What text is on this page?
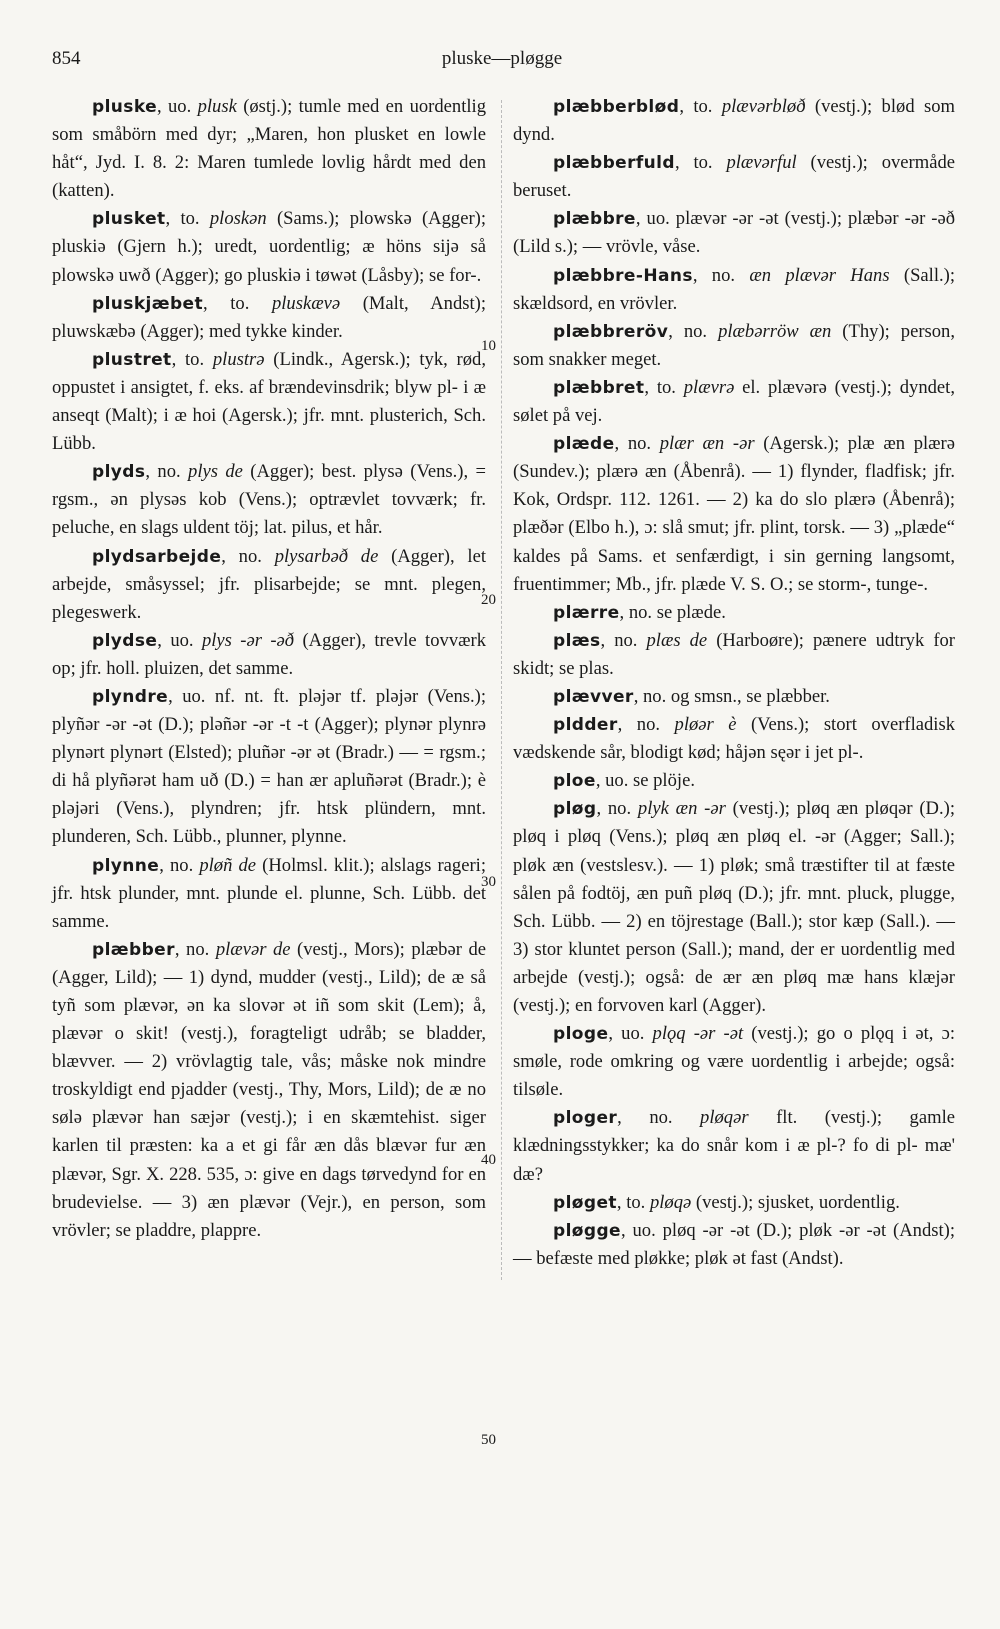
854	pluske—pløgge

pluske, uo. plusk (østj.); tumle med en uordentlig som småbörn med dyr; „Maren, hon plusket en lowle håt“, Jyd. I. 8. 2: Maren tumlede lovlig hårdt med den (katten).

plusket, to. ploskən (Sams.); plowskə (Agger); pluskiə (Gjern h.); uredt, uordentlig; æ höns sijə så plowskə uwð (Agger); go pluskiə i tøwət (Låsby); se for-.

pluskjæbet, to. pluskævə (Malt, Andst); pluwskæbə (Agger); med tykke kinder.

plustret, to. plustrə (Lindk., Agersk.); tyk, rød, oppustet i ansigtet, f. eks. af brændevinsdrik; blyw pl- i æ anseqt (Malt); i æ hoi (Agersk.); jfr. mnt. plusterich, Sch. Lübb.

plyds, no. plys de (Agger); best. plysə (Vens.), = rgsm., ən plysəs kob (Vens.); optrævlet tovværk; fr. peluche, en slags uldent töj; lat. pilus, et hår.

plydsarbejde, no. plysarbəð de (Agger), let arbejde, småsyssel; jfr. plisarbejde; se mnt. plegen, plegeswerk.

plydse, uo. plys -ər -əð (Agger), trevle tovværk op; jfr. holl. pluizen, det samme.

plyndre, uo. nf. nt. ft. pləjər tf. pləjər (Vens.); plyñər -ər -ət (D.); pləñər -ər -t -t (Agger); plynər plynrə plynərt plynərt (Elsted); pluñər -ər ət (Bradr.) — = rgsm.; di hå plyñərət ham uð (D.) = han ær apluñərət (Bradr.); è pləjəri (Vens.), plyndren; jfr. htsk plündern, mnt. plunderen, Sch. Lübb., plunner, plynne.

plynne, no. pløñ de (Holmsl. klit.); alslags rageri; jfr. htsk plunder, mnt. plunde el. plunne, Sch. Lübb. det samme.

plæbber, no. plævər de (vestj., Mors); plæbər de (Agger, Lild); — 1) dynd, mudder (vestj., Lild); de æ så tyñ som plævər, ən ka slovər ət iñ som skit (Lem); å, plævər o skit! (vestj.), foragteligt udråb; se bladder, blævver. — 2) vrövlagtig tale, vås; måske nok mindre troskyldigt end pjadder (vestj., Thy, Mors, Lild); de æ no sølə plævər han sæjər (vestj.); i en skæmtehist. siger karlen til præsten: ka a et gi får æn dås blævər fur æn plævər, Sgr. X. 228. 535, ɔ: give en dags tørvedynd for en brudevielse. — 3) æn plævər (Vejr.), en person, som vrövler; se pladdre, plappre.

plæbberblød, to. plævərbløð (vestj.); blød som dynd.

plæbberfuld, to. plævərful (vestj.); overmåde beruset.

plæbbre, uo. plævər -ər -ət (vestj.); plæbər -ər -əð (Lild s.); — vrövle, våse.

plæbbre-Hans, no. æn plævər Hans (Sall.); skældsord, en vrövler.

plæbbreröv, no. plæbərröw æn (Thy); person, som snakker meget.

plæbbret, to. plævrə el. plævərə (vestj.); dyndet, sølet på vej.

plæde, no. plær æn -ər (Agersk.); plæ æn plærə (Sundev.); plærə æn (Åbenrå). — 1) flynder, fladfisk; jfr. Kok, Ordspr. 112. 1261. — 2) ka do slo plærə (Åbenrå); plæðər (Elbo h.), ɔ: slå smut; jfr. plint, torsk. — 3) „plæde“ kaldes på Sams. et senfærdigt, i sin gerning langsomt, fruentimmer; Mb., jfr. plæde V. S. O.; se storm-, tunge-.

plærre, no. se plæde.

plæs, no. plæs de (Harboøre); pænere udtryk for skidt; se plas.

plævver, no. og smsn., se plæbber.

pldder, no. pløər è (Vens.); stort overfladisk vædskende sår, blodigt kød; håjən sęər i jet pl-.

ploe, uo. se plöje.

pløg, no. plyk æn -ər (vestj.); pløq æn pløqər (D.); pløq i pløq (Vens.); pløq æn pløq el. -ər (Agger; Sall.); pløk æn (vestslesv.). — 1) pløk; små træstifter til at fæste sålen på fodtöj, æn puñ pløq (D.); jfr. mnt. pluck, plugge, Sch. Lübb. — 2) en töjrestage (Ball.); stor kæp (Sall.). — 3) stor kluntet person (Sall.); mand, der er uordentlig med arbejde (vestj.); også: de ær æn pløq mæ hans klæjər (vestj.); en forvoven karl (Agger).

ploge, uo. plǫq -ər -ət (vestj.); go o plǫq i ət, ɔ: smøle, rode omkring og være uordentlig i arbejde; også: tilsøle.

ploger, no. pløqər flt. (vestj.); gamle klædningsstykker; ka do snår kom i æ pl-? fo di pl- mæ' dæ?

pløget, to. pløqə (vestj.); sjusket, uordentlig.

pløgge, uo. pløq -ər -ət (D.); pløk -ər -ət (Andst); — befæste med pløkke; pløk ət fast (Andst).

10
20
30
40
50
